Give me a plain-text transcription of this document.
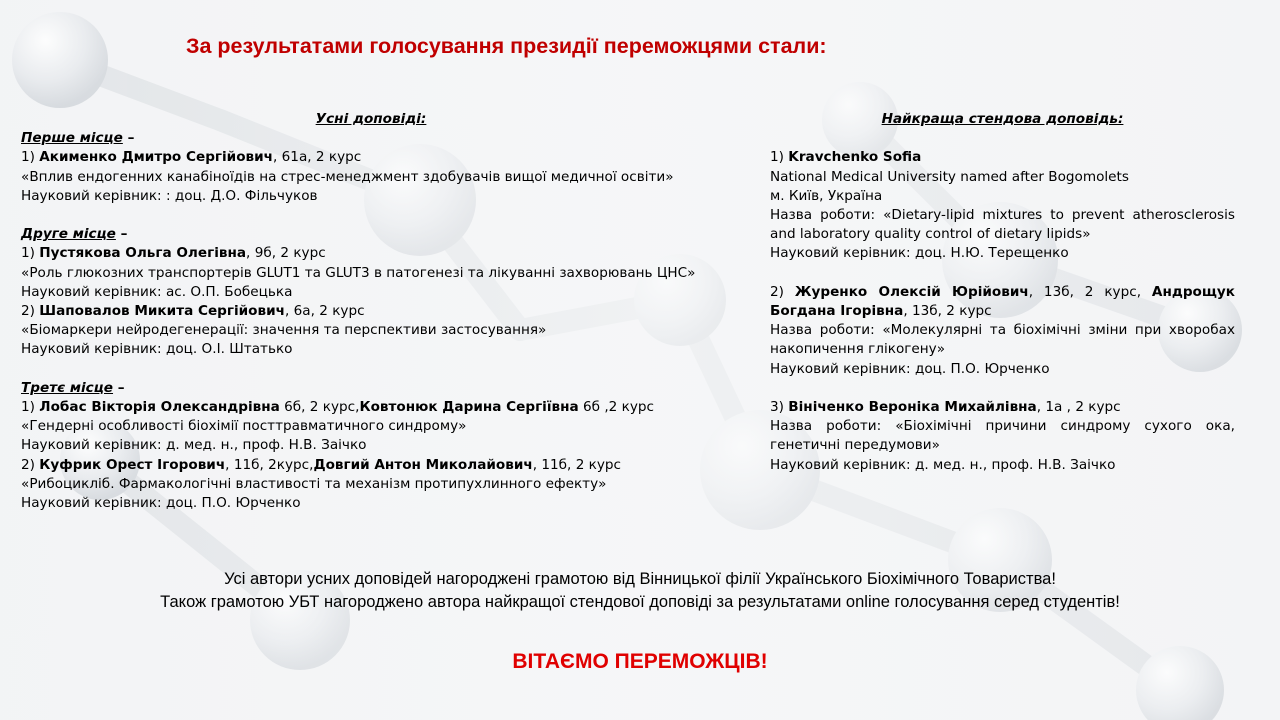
За результатами голосування президії переможцями стали:
Усні доповіді:
Перше місце –
1) Акименко Дмитро Сергійович, 61а, 2 курс
«Вплив ендогенних канабіноїдів на стрес-менеджмент здобувачів вищої медичної освіти»
Науковий керівник: : доц. Д.О. Фільчуков
Друге місце –
1) Пустякова Ольга Олегівна, 9б, 2 курс
«Роль глюкозних транспортерів GLUT1 та GLUT3 в патогенезі та лікуванні захворювань ЦНС»
Науковий керівник: ас. О.П. Бобецька
2) Шаповалов Микита Сергійович, 6а, 2 курс
«Біомаркери нейродегенерації: значення та перспективи застосування»
Науковий керівник: доц. О.І. Штатько
Третє місце –
1) Лобас Вікторія Олександрівна 6б, 2 курс,Ковтонюк Дарина Сергіївна 6б ,2 курс
«Гендерні особливості біохімії посттравматичного синдрому»
Науковий керівник: д. мед. н., проф. Н.В. Заічко
2) Куфрик Орест Ігорович, 11б, 2курс,Довгий Антон Миколайович, 11б, 2 курс
«Рибоцикліб. Фармакологічні властивості та механізм протипухлинного ефекту»
Науковий керівник: доц. П.О. Юрченко
Найкраща стендова доповідь:
1) Kravchenko Sofia
National Medical University named after Bogomolets
м. Київ, Україна
Назва роботи: «Dietary-lipid mixtures to prevent atherosclerosis and laboratory quality control of dietary lipids»
Науковий керівник: доц. Н.Ю. Терещенко
2) Журенко Олексій Юрійович, 13б, 2 курс, Андрощук Богдана Ігорівна, 13б, 2 курс
Назва роботи: «Молекулярні та біохімічні зміни при хворобах накопичення глікогену»
Науковий керівник: доц. П.О. Юрченко
3) Вініченко Вероніка Михайлівна, 1а , 2 курс
Назва роботи: «Біохімічні причини синдрому сухого ока, генетичні передумови»
Науковий керівник: д. мед. н., проф. Н.В. Заічко
Усі автори усних доповідей нагороджені грамотою від Вінницької філії Українського Біохімічного Товариства!
Також грамотою УБТ нагороджено автора найкращої стендової доповіді за результатами online голосування серед студентів!
ВІТАЄМО ПЕРЕМОЖЦІВ!
